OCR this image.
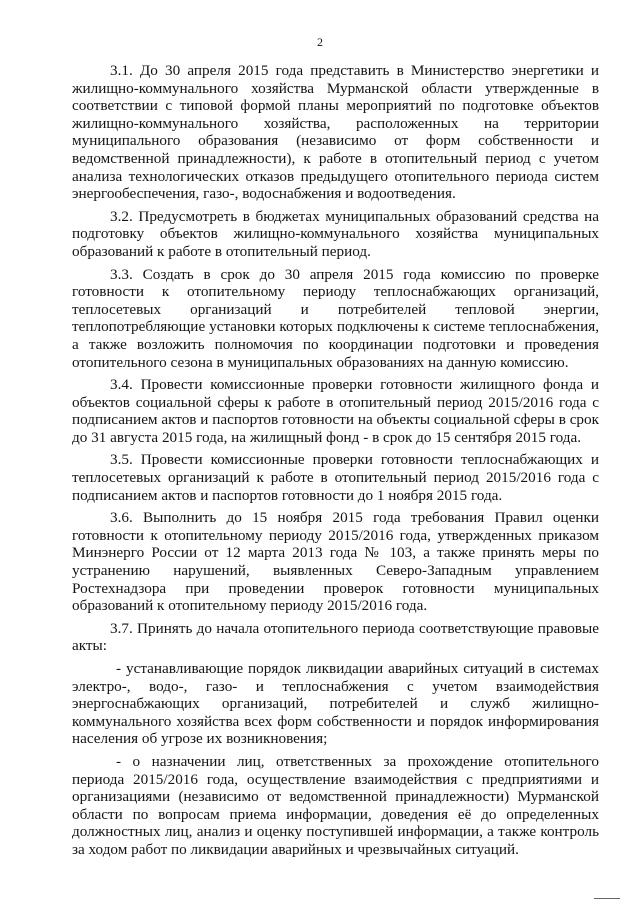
2

3.1. До 30 апреля 2015 года представить в Министерство энергетики и жилищно-коммунального хозяйства Мурманской области утвержденные в соответствии с типовой формой планы мероприятий по подготовке объектов жилищно-коммунального хозяйства, расположенных на территории муниципального образования (независимо от форм собственности и ведомственной принадлежности), к работе в отопительный период с учетом анализа технологических отказов предыдущего отопительного периода систем энергообеспечения, газо-, водоснабжения и водоотведения.

3.2. Предусмотреть в бюджетах муниципальных образований средства на подготовку объектов жилищно-коммунального хозяйства муниципальных образований к работе в отопительный период.

3.3. Создать в срок до 30 апреля 2015 года комиссию по проверке готовности к отопительному периоду теплоснабжающих организаций, теплосетевых организаций и потребителей тепловой энергии, теплопотребляющие установки которых подключены к системе теплоснабжения, а также возложить полномочия по координации подготовки и проведения отопительного сезона в муниципальных образованиях на данную комиссию.

3.4. Провести комиссионные проверки готовности жилищного фонда и объектов социальной сферы к работе в отопительный период 2015/2016 года с подписанием актов и паспортов готовности на объекты социальной сферы в срок до 31 августа 2015 года, на жилищный фонд - в срок до 15 сентября 2015 года.

3.5. Провести комиссионные проверки готовности теплоснабжающих и теплосетевых организаций к работе в отопительный период 2015/2016 года с подписанием актов и паспортов готовности до 1 ноября 2015 года.

3.6. Выполнить до 15 ноября 2015 года требования Правил оценки готовности к отопительному периоду 2015/2016 года, утвержденных приказом Минэнерго России от 12 марта 2013 года № 103, а также принять меры по устранению нарушений, выявленных Северо-Западным управлением Ростехнадзора при проведении проверок готовности муниципальных образований к отопительному периоду 2015/2016 года.

3.7. Принять до начала отопительного периода соответствующие правовые акты:

- устанавливающие порядок ликвидации аварийных ситуаций в системах электро-, водо-, газо- и теплоснабжения с учетом взаимодействия энергоснабжающих организаций, потребителей и служб жилищно-коммунального хозяйства всех форм собственности и порядок информирования населения об угрозе их возникновения;

- о назначении лиц, ответственных за прохождение отопительного периода 2015/2016 года, осуществление взаимодействия с предприятиями и организациями (независимо от ведомственной принадлежности) Мурманской области по вопросам приема информации, доведения её до определенных должностных лиц, анализ и оценку поступившей информации, а также контроль за ходом работ по ликвидации аварийных и чрезвычайных ситуаций.
